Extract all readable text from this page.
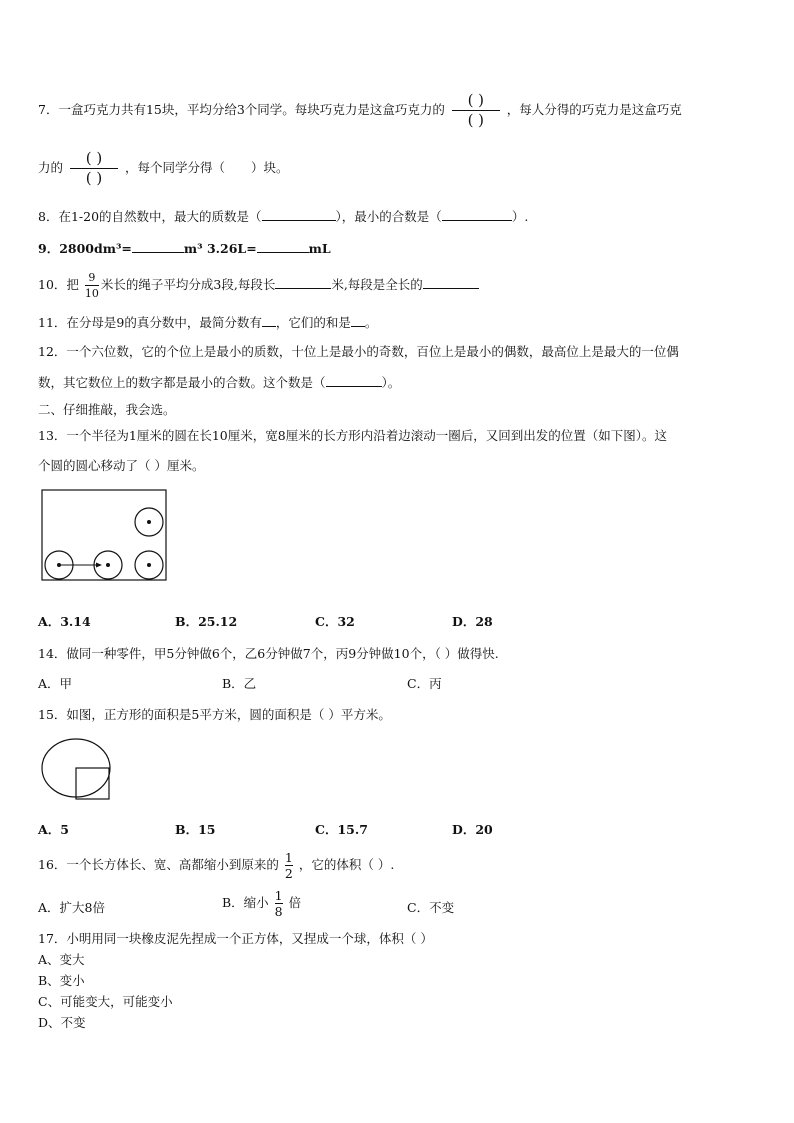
7．一盒巧克力共有15块，平均分给3个同学。每块巧克力是这盒巧克力的 $\frac{( )}{( )}$ ，每人分得的巧克力是这盒巧克
力的 $\frac{( )}{( )}$ ，每个同学分得（ ）块。
8．在1-20的自然数中，最大的质数是（	），最小的合数是（	）.
9．2800dm³=	m³ 3.26L=	mL
10．把 $\frac{9}{10}$ 米长的绳子平均分成3段,每段长	米,每段是全长的
11．在分母是9的真分数中，最简分数有 ，它们的和是 。
12．一个六位数，它的个位上是最小的质数，十位上是最小的奇数，百位上是最小的偶数，最高位上是最大的一位偶
数，其它数位上的数字都是最小的合数。这个数是（	）。
二、仔细推敲，我会选。
13．一个半径为1厘米的圆在长10厘米，宽8厘米的长方形内沿着边滚动一圈后，又回到出发的位置（如下图）。这
个圆的圆心移动了（ ）厘米。
A．3.14	B．25.12	C．32	D．28
14．做同一种零件，甲5分钟做6个，乙6分钟做7个，丙9分钟做10个，（ ）做得快.
A．甲	B．乙	C．丙
15．如图，正方形的面积是5平方米，圆的面积是（ ）平方米。
A．5	B．15	C．15.7	D．20
16．一个长方体长、宽、高都缩小到原来的 $\frac{1}{2}$ ，它的体积（ ）.
A．扩大8倍	B．缩小 $\frac{1}{8}$ 倍	C．不变
17．小明用同一块橡皮泥先捏成一个正方体，又捏成一个球，体积（ ）
A、变大
B、变小
C、可能变大，可能变小
D、不变
